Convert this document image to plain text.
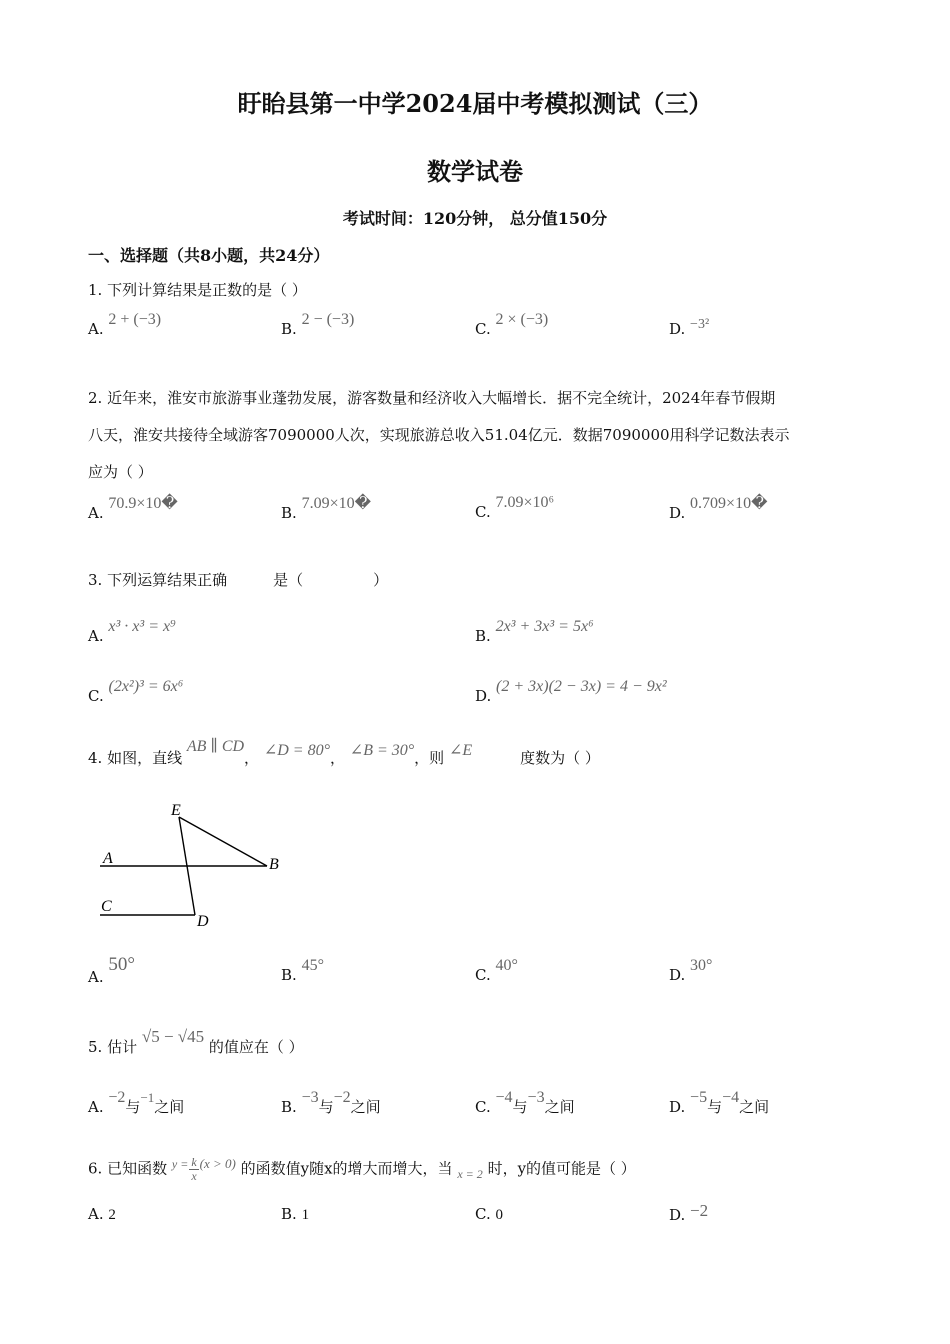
盱眙县第一中学2024届中考模拟测试（三）
数学试卷
考试时间：120分钟， 总分值150分
一、选择题（共8小题，共24分）
1. 下列计算结果是正数的是（ ）
A. 2 + (−3)
B. 2 − (−3)
C. 2 × (−3)
D. −3²
2. 近年来，淮安市旅游事业蓬勃发展，游客数量和经济收入大幅增长．据不完全统计，2024年春节假期
八天，淮安共接待全域游客7090000人次，实现旅游总收入51.04亿元．数据7090000用科学记数法表示
应为（ ）
A. 70.9×10�
B. 7.09×10�	C. 7.09×10⁶
D. 0.709×10�
3. 下列运算结果正确	是（	）
A. x³ · x³ = x⁹
B. 2x³ + 3x³ = 5x⁶
C. (2x²)³ = 6x⁶
D. (2 + 3x)(2 − 3x) = 4 − 9x²
4. 如图，直线 AB ∥ CD， ∠D = 80°， ∠B = 30°，则 ∠E	度数为（ ）
E
A	B
C
D
A. 50°	B. 45°
C. 40°
D. 30°
5. 估计 √5 − √45 的值应在（ ）
A. −2与−1之间	B. −3与−2之间	C. −4与−3之间	D. −5与−4之间
6. 已知函数 $^{y =} \frac{k}{x} (x > 0)$ 的函数值y随x的增大而增大，当 $_{x = 2}$ 时，y的值可能是（ ）
A. 2	B. 1	C. 0	D. −2
